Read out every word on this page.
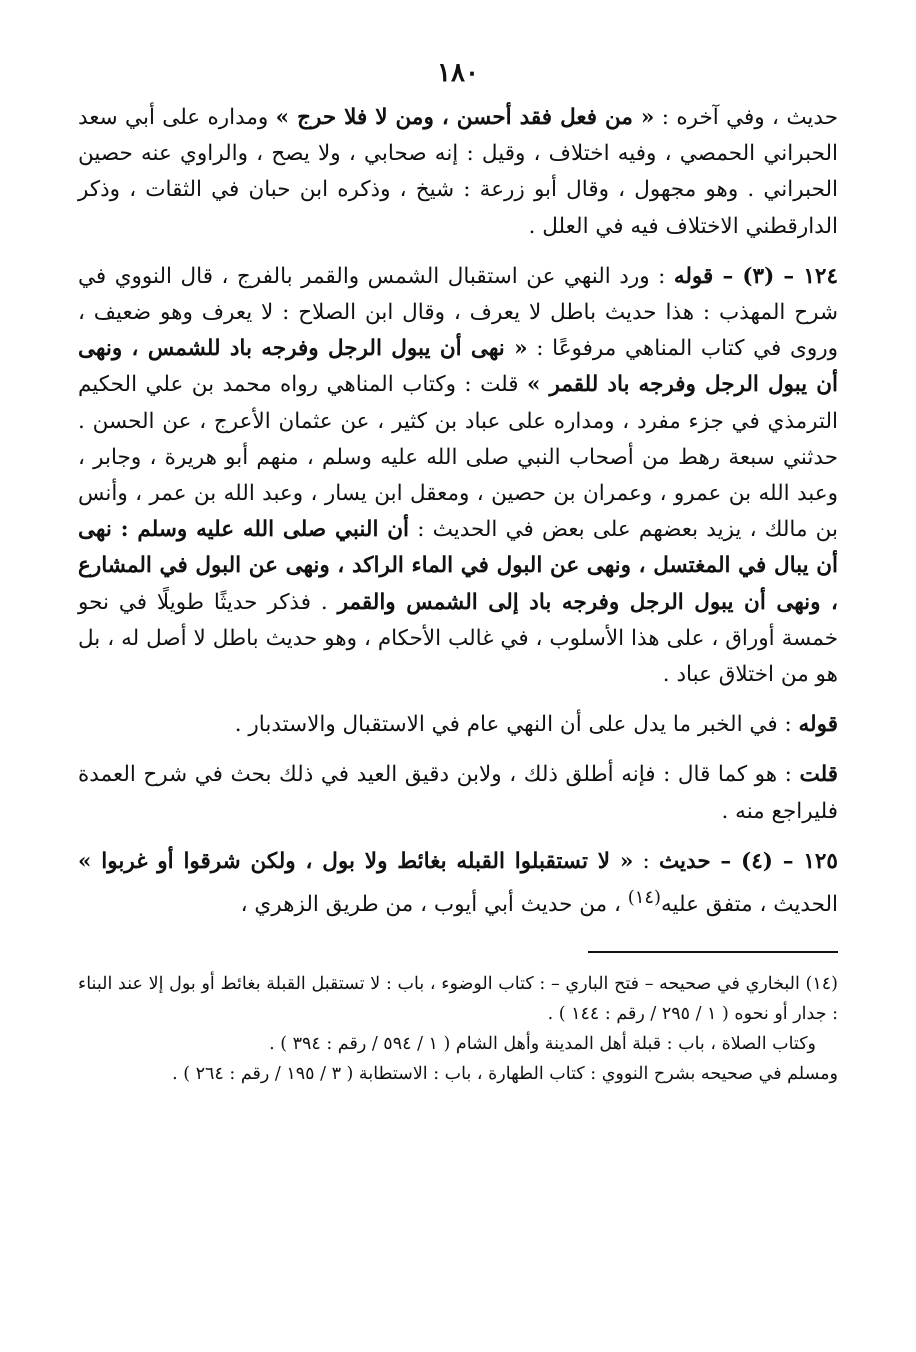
١٨٠

حديث ، وفي آخره : « من فعل فقد أحسن ، ومن لا فلا حرج » ومداره على أبي سعد الحبراني الحمصي ، وفيه اختلاف ، وقيل : إنه صحابي ، ولا يصح ، والراوي عنه حصين الحبراني . وهو مجهول ، وقال أبو زرعة : شيخ ، وذكره ابن حبان في الثقات ، وذكر الدارقطني الاختلاف فيه في العلل .

١٢٤ – (٣) – قوله : ورد النهي عن استقبال الشمس والقمر بالفرج ، قال النووي في شرح المهذب : هذا حديث باطل لا يعرف ، وقال ابن الصلاح : لا يعرف وهو ضعيف ، وروى في كتاب المناهي مرفوعًا : « نهى أن يبول الرجل وفرجه باد للشمس ، ونهى أن يبول الرجل وفرجه باد للقمر » قلت : وكتاب المناهي رواه محمد بن علي الحكيم الترمذي في جزء مفرد ، ومداره على عباد بن كثير ، عن عثمان الأعرج ، عن الحسن . حدثني سبعة رهط من أصحاب النبي صلى الله عليه وسلم ، منهم أبو هريرة ، وجابر ، وعبد الله بن عمرو ، وعمران بن حصين ، ومعقل ابن يسار ، وعبد الله بن عمر ، وأنس بن مالك ، يزيد بعضهم على بعض في الحديث : أن النبي صلى الله عليه وسلم : نهى أن يبال في المغتسل ، ونهى عن البول في الماء الراكد ، ونهى عن البول في المشارع ، ونهى أن يبول الرجل وفرجه باد إلى الشمس والقمر . فذكر حديثًا طويلًا في نحو خمسة أوراق ، على هذا الأسلوب ، في غالب الأحكام ، وهو حديث باطل لا أصل له ، بل هو من اختلاق عباد .

قوله : في الخبر ما يدل على أن النهي عام في الاستقبال والاستدبار .

قلت : هو كما قال : فإنه أطلق ذلك ، ولابن دقيق العيد في ذلك بحث في شرح العمدة فليراجع منه .

١٢٥ – (٤) – حديث : « لا تستقبلوا القبله بغائط ولا بول ، ولكن شرقوا أو غربوا » الحديث ، متفق عليه$^{(١٤)}$ ، من حديث أبي أيوب ، من طريق الزهري ،

(١٤) البخاري في صحيحه – فتح الباري – : كتاب الوضوء ، باب : لا تستقبل القبلة بغائط أو بول إلا عند البناء : جدار أو نحوه ( ١ / ٢٩٥ / رقم : ١٤٤ ) .

وكتاب الصلاة ، باب : قبلة أهل المدينة وأهل الشام ( ١ / ٥٩٤ / رقم : ٣٩٤ ) .

ومسلم في صحيحه بشرح النووي : كتاب الطهارة ، باب : الاستطابة ( ٣ / ١٩٥ / رقم : ٢٦٤ ) .
